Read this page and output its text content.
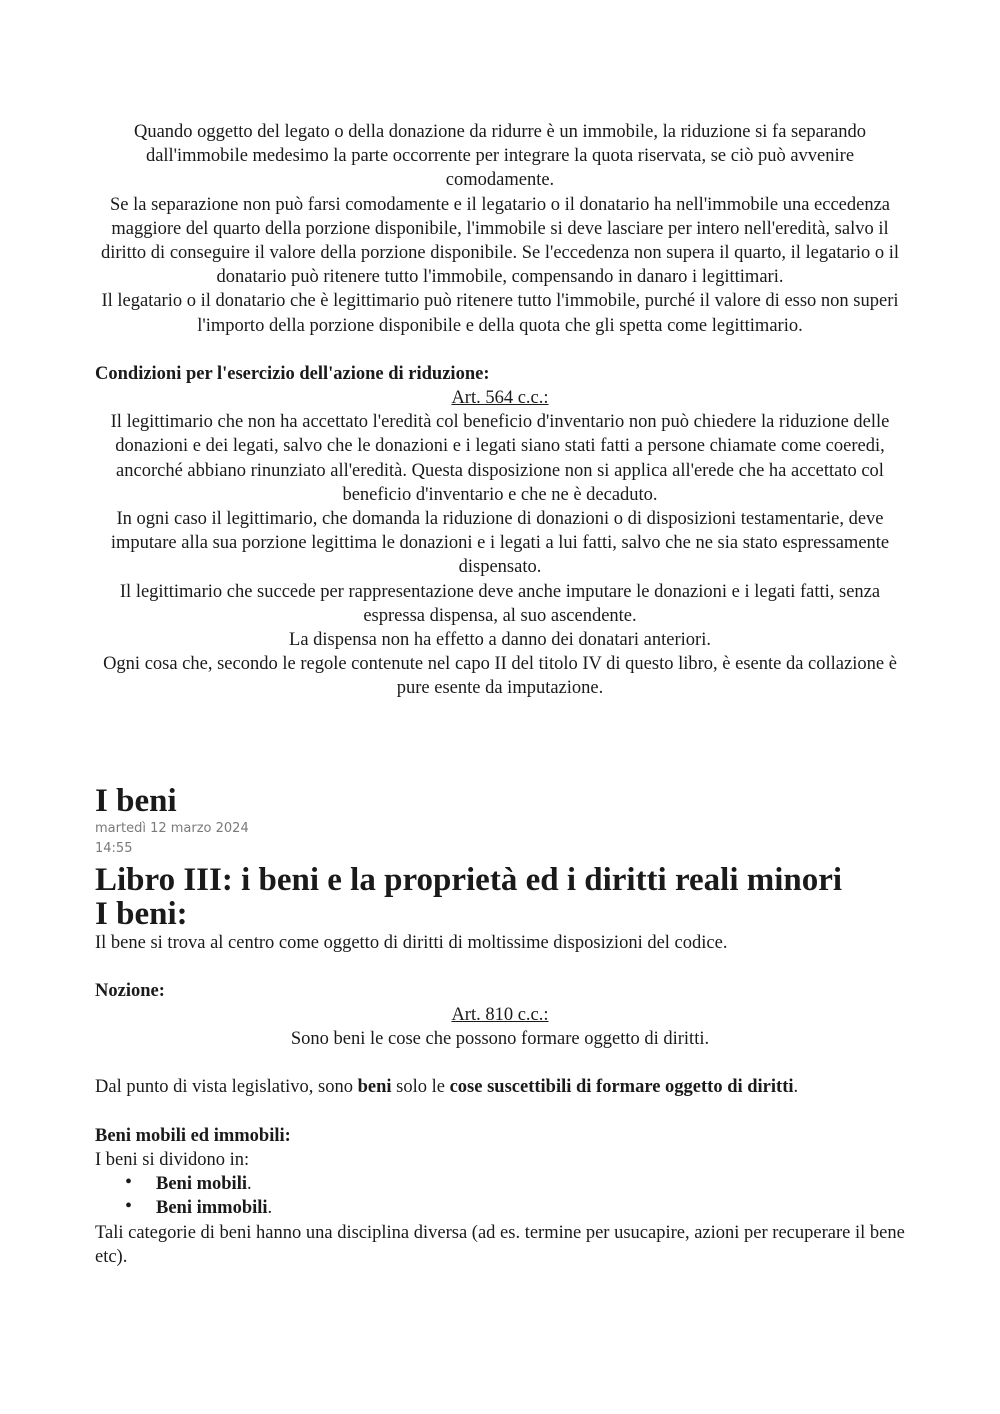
Quando oggetto del legato o della donazione da ridurre è un immobile, la riduzione si fa separando dall'immobile medesimo la parte occorrente per integrare la quota riservata, se ciò può avvenire comodamente.

Se la separazione non può farsi comodamente e il legatario o il donatario ha nell'immobile una eccedenza maggiore del quarto della porzione disponibile, l'immobile si deve lasciare per intero nell'eredità, salvo il diritto di conseguire il valore della porzione disponibile. Se l'eccedenza non supera il quarto, il legatario o il donatario può ritenere tutto l'immobile, compensando in danaro i legittimari.

Il legatario o il donatario che è legittimario può ritenere tutto l'immobile, purché il valore di esso non superi l'importo della porzione disponibile e della quota che gli spetta come legittimario.

Condizioni per l'esercizio dell'azione di riduzione:

Art. 564 c.c.:

Il legittimario che non ha accettato l'eredità col beneficio d'inventario non può chiedere la riduzione delle donazioni e dei legati, salvo che le donazioni e i legati siano stati fatti a persone chiamate come coeredi, ancorché abbiano rinunziato all'eredità. Questa disposizione non si applica all'erede che ha accettato col beneficio d'inventario e che ne è decaduto.

In ogni caso il legittimario, che domanda la riduzione di donazioni o di disposizioni testamentarie, deve imputare alla sua porzione legittima le donazioni e i legati a lui fatti, salvo che ne sia stato espressamente dispensato.

Il legittimario che succede per rappresentazione deve anche imputare le donazioni e i legati fatti, senza espressa dispensa, al suo ascendente.

La dispensa non ha effetto a danno dei donatari anteriori.

Ogni cosa che, secondo le regole contenute nel capo II del titolo IV di questo libro, è esente da collazione è pure esente da imputazione.

I beni

martedì 12 marzo 2024

14:55

Libro III: i beni e la proprietà ed i diritti reali minori

I beni:

Il bene si trova al centro come oggetto di diritti di moltissime disposizioni del codice.

Nozione:

Art. 810 c.c.:

Sono beni le cose che possono formare oggetto di diritti.

Dal punto di vista legislativo, sono beni solo le cose suscettibili di formare oggetto di diritti.

Beni mobili ed immobili:

I beni si dividono in:

• Beni mobili.
• Beni immobili.

Tali categorie di beni hanno una disciplina diversa (ad es. termine per usucapire, azioni per recuperare il bene etc).
